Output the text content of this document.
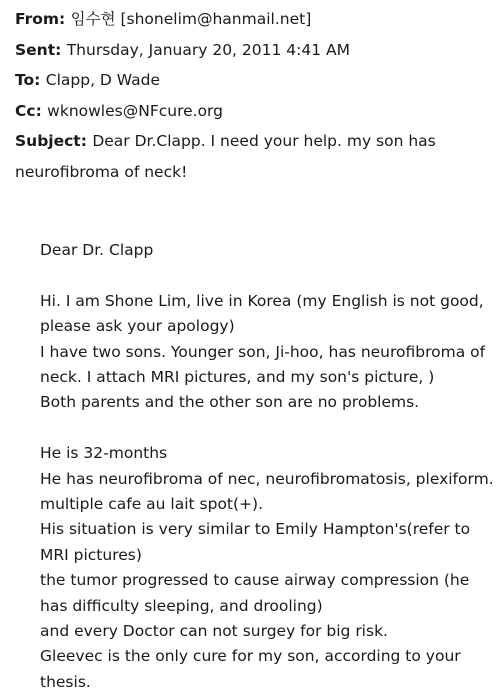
From: 임수현 [shonelim@hanmail.net]
Sent: Thursday, January 20, 2011 4:41 AM
To: Clapp, D Wade
Cc: wknowles@NFcure.org
Subject: Dear Dr.Clapp. I need your help. my son has
neurofibroma of neck!
Dear Dr. Clapp
Hi. I am Shone Lim, live in Korea (my English is not good,
please ask your apology)
I have two sons. Younger son, Ji-hoo, has neurofibroma of
neck. I attach MRI pictures, and my son's picture, )
Both parents and the other son are no problems.
He is 32-months
He has neurofibroma of nec, neurofibromatosis, plexiform.
multiple cafe au lait spot(+).
His situation is very similar to Emily Hampton's(refer to
MRI pictures)
the tumor progressed to cause airway compression (he
has difficulty sleeping, and drooling)
and every Doctor can not surgey for big risk.
Gleevec is the only cure for my son, according to your
thesis.
